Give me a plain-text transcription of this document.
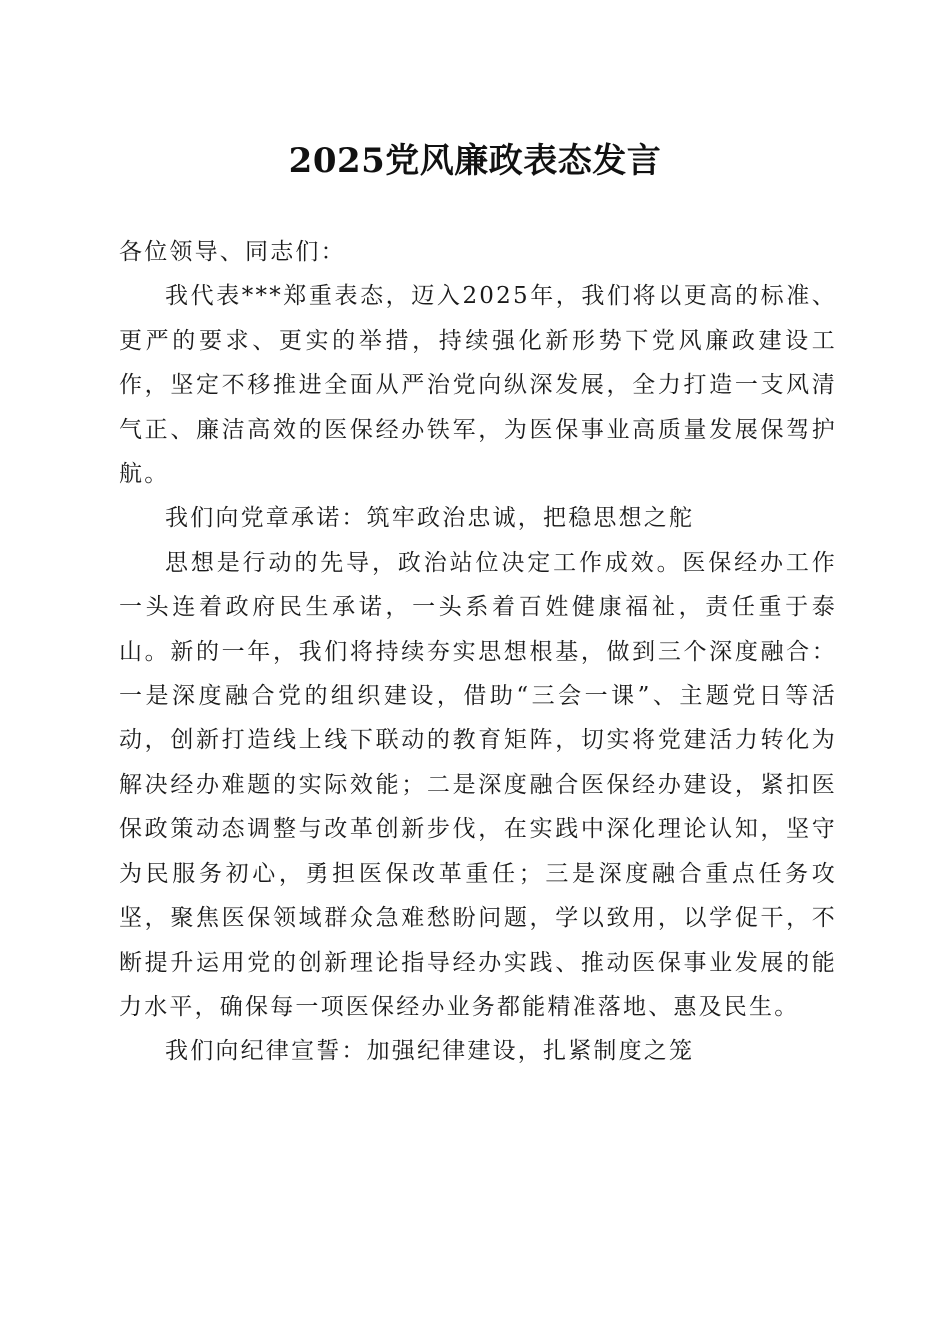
2025党风廉政表态发言

各位领导、同志们：

我代表***郑重表态，迈入2025年，我们将以更高的标准、更严的要求、更实的举措，持续强化新形势下党风廉政建设工作，坚定不移推进全面从严治党向纵深发展，全力打造一支风清气正、廉洁高效的医保经办铁军，为医保事业高质量发展保驾护航。

我们向党章承诺：筑牢政治忠诚，把稳思想之舵

思想是行动的先导，政治站位决定工作成效。医保经办工作一头连着政府民生承诺，一头系着百姓健康福祉，责任重于泰山。新的一年，我们将持续夯实思想根基，做到三个深度融合：一是深度融合党的组织建设，借助“三会一课”、主题党日等活动，创新打造线上线下联动的教育矩阵，切实将党建活力转化为解决经办难题的实际效能；二是深度融合医保经办建设，紧扣医保政策动态调整与改革创新步伐，在实践中深化理论认知，坚守为民服务初心，勇担医保改革重任；三是深度融合重点任务攻坚，聚焦医保领域群众急难愁盼问题，学以致用，以学促干，不断提升运用党的创新理论指导经办实践、推动医保事业发展的能力水平，确保每一项医保经办业务都能精准落地、惠及民生。

我们向纪律宣誓：加强纪律建设，扎紧制度之笼
